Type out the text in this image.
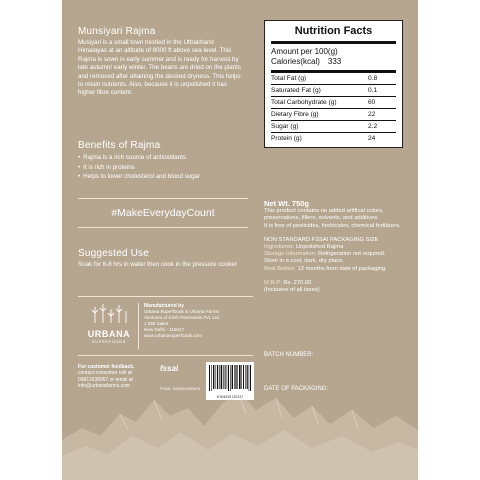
Munsiyari Rajma

Musiyari is a small town nestled in the Uttrakhand Himalayas at an altitude of 8000 ft above sea level. This Rajma is sown in early summer and is ready for harvest by late autumn/ early winter. The beans are dried on the plants and removed after attaining the desired dryness. This helps to retain nutrients. Also, because it is unpolished it has higher fibre content.

Benefits of Rajma
• Rajma is a rich source of antioxidants
• It is rich in proteins
• Helps to lower cholesterol and blood sugar
#MakeEverydayCount
Suggested Use

Soak for 6-8 hrs in water then cook in the pressure cooker

URBANA
SUPERFOODS
Manufactured by
Urbana Superfoods & Urbana Farms
Ventures of Krish Perennials Pvt. Ltd.
J 286 Saket
New Delhi - 110017
www.urbanasuperfoods.com
For customer feedback,
contact consumer cell at
09811638067 or email at
info@urbanafarms.com
fssai
FSSAI: 10019011000474
8 904319 157417
Nutrition Facts
Amount per 100(g)
Calories(kcal) 333
Total Fat (g)	0.8
Saturated Fat (g)	0.1
Total Carbohydrate (g)	60
Dietary Fibre (g)	22
Sugar (g)	2.2
Protein (g)	24
Net Wt. 750g

This product contains no added artifical colors, preservatives, fillers, solvents, and additives.

It is free of pesticides, herbicides, chemical fertilizers.

NON STANDARD FSSAI PACKAGING SIZE

Ingredients: Unpolished Rajma

Storage Information: Refrigeration not required.

Store in a cool, dark, dry place.

Best Before: 12 months from date of packaging.

M.R.P: Rs. 270.00

(Inclusive of all taxes)

BATCH NUMBER:
DATE OF PACKAGING:
